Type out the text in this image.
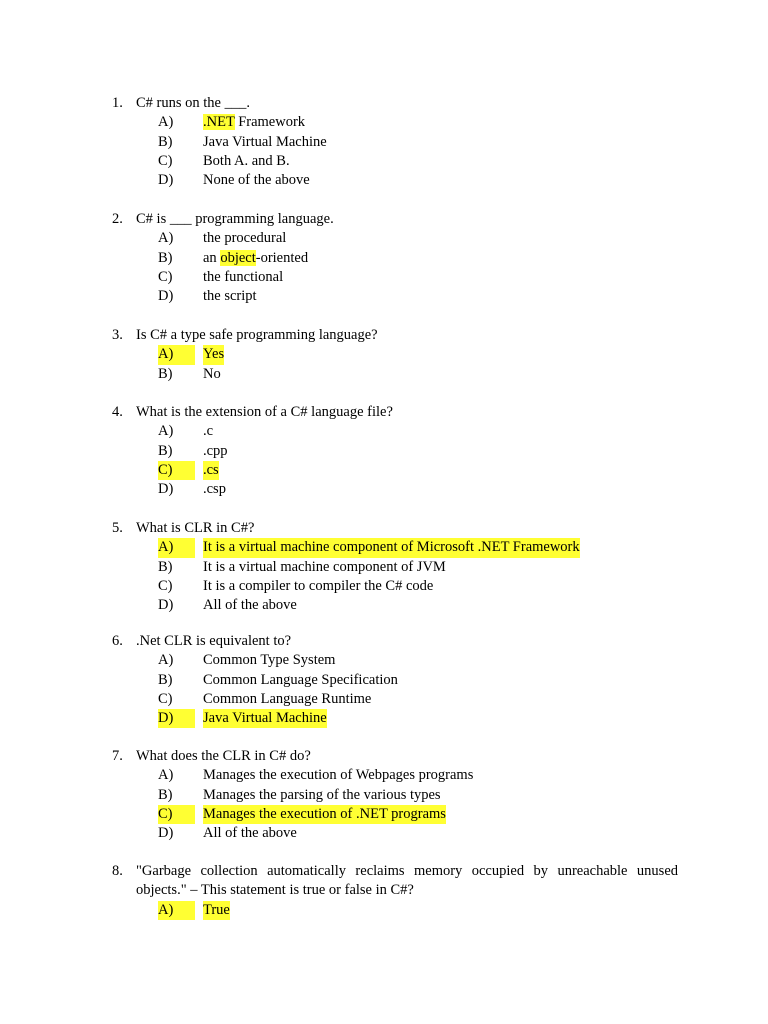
1. C# runs on the ___.
A) .NET Framework
B) Java Virtual Machine
C) Both A. and B.
D) None of the above
2. C# is ___ programming language.
A) the procedural
B) an object-oriented
C) the functional
D) the script
3. Is C# a type safe programming language?
A)	Yes
B) No
4. What is the extension of a C# language file?
A) .c
B) .cpp
C)	.cs
D) .csp
5. What is CLR in C#?
A)	It is a virtual machine component of Microsoft .NET Framework
B) It is a virtual machine component of JVM
C) It is a compiler to compiler the C# code
D) All of the above
6. .Net CLR is equivalent to?
A) Common Type System
B) Common Language Specification
C) Common Language Runtime
D)	Java Virtual Machine
7. What does the CLR in C# do?
A) Manages the execution of Webpages programs
B) Manages the parsing of the various types
C)	Manages the execution of .NET programs
D) All of the above
8. "Garbage collection automatically reclaims memory occupied by unreachable unused objects." – This statement is true or false in C#?
A)	True
